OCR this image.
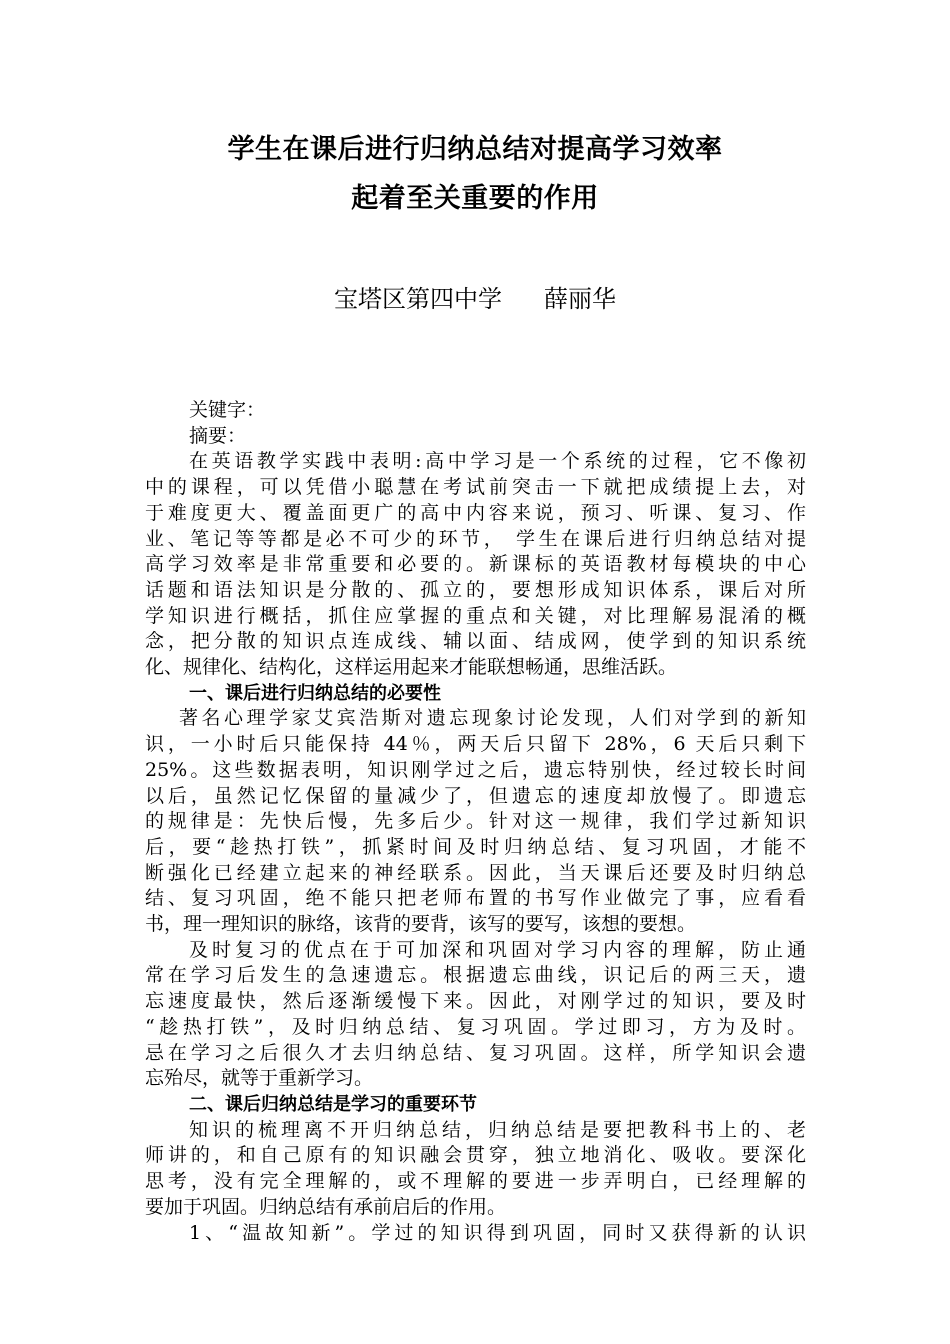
学生在课后进行归纳总结对提高学习效率
起着至关重要的作用
宝塔区第四中学 薛丽华
关键字：
摘要：
在英语教学实践中表明:高中学习是一个系统的过程，它不像初
中的课程，可以凭借小聪慧在考试前突击一下就把成绩提上去，对
于难度更大、覆盖面更广的高中内容来说，预习、听课、复习、作
业、笔记等等都是必不可少的环节， 学生在课后进行归纳总结对提
高学习效率是非常重要和必要的。新课标的英语教材每模块的中心
话题和语法知识是分散的、孤立的，要想形成知识体系，课后对所
学知识进行概括，抓住应掌握的重点和关键，对比理解易混淆的概
念，把分散的知识点连成线、辅以面、结成网，使学到的知识系统
化、规律化、结构化，这样运用起来才能联想畅通，思维活跃。
一、课后进行归纳总结的必要性
著名心理学家艾宾浩斯对遗忘现象讨论发现，人们对学到的新知
识，一小时后只能保持 44％，两天后只留下 28%，6 天后只剩下
25%。这些数据表明，知识刚学过之后，遗忘特别快，经过较长时间
以后，虽然记忆保留的量减少了，但遗忘的速度却放慢了。即遗忘
的规律是：先快后慢，先多后少。针对这一规律，我们学过新知识
后，要“趁热打铁”，抓紧时间及时归纳总结、复习巩固，才能不
断强化已经建立起来的神经联系。因此，当天课后还要及时归纳总
结、复习巩固，绝不能只把老师布置的书写作业做完了事，应看看
书，理一理知识的脉络，该背的要背，该写的要写，该想的要想。
及时复习的优点在于可加深和巩固对学习内容的理解，防止通
常在学习后发生的急速遗忘。根据遗忘曲线，识记后的两三天，遗
忘速度最快，然后逐渐缓慢下来。因此，对刚学过的知识，要及时
“趁热打铁”，及时归纳总结、复习巩固。学过即习，方为及时。
忌在学习之后很久才去归纳总结、复习巩固。这样，所学知识会遗
忘殆尽，就等于重新学习。
二、课后归纳总结是学习的重要环节
知识的梳理离不开归纳总结，归纳总结是要把教科书上的、老
师讲的，和自己原有的知识融会贯穿，独立地消化、吸收。要深化
思考，没有完全理解的，或不理解的要进一步弄明白，已经理解的
要加于巩固。归纳总结有承前启后的作用。
1、“温故知新”。学过的知识得到巩固，同时又获得新的认识
